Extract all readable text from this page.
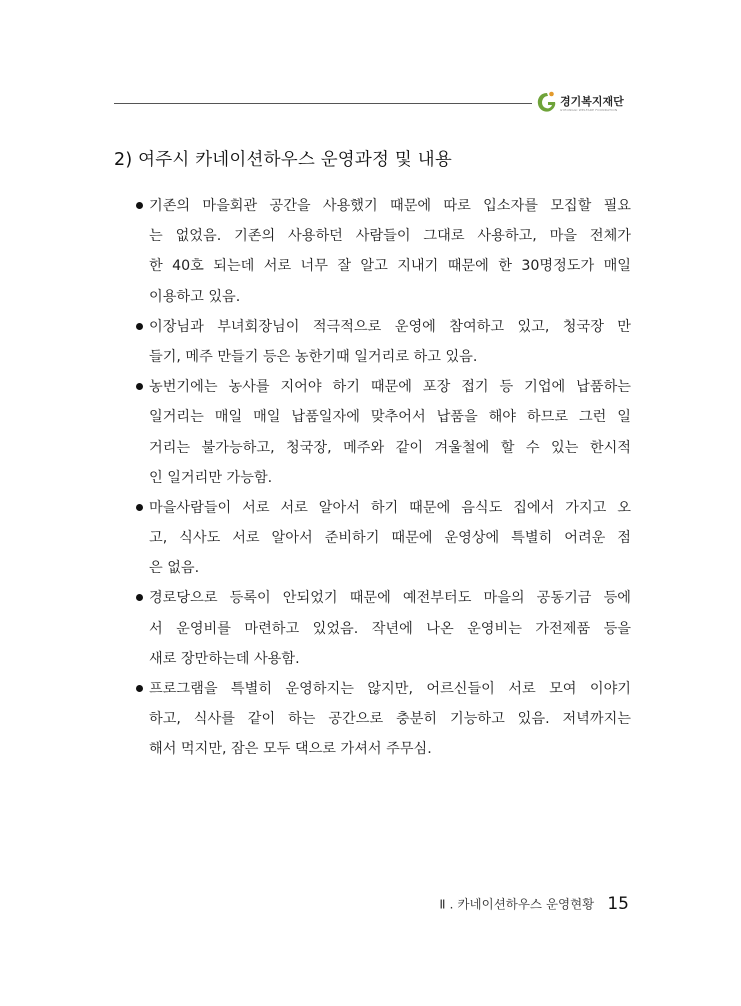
경기복지재단
GYEONGGI WELFARE FOUNDATION
2) 여주시 카네이션하우스 운영과정 및 내용
기존의 마을회관 공간을 사용했기 때문에 따로 입소자를 모집할 필요
는 없었음. 기존의 사용하던 사람들이 그대로 사용하고, 마을 전체가
한 40호 되는데 서로 너무 잘 알고 지내기 때문에 한 30명정도가 매일
이용하고 있음.
이장님과 부녀회장님이 적극적으로 운영에 참여하고 있고, 청국장 만
들기, 메주 만들기 등은 농한기때 일거리로 하고 있음.
농번기에는 농사를 지어야 하기 때문에 포장 접기 등 기업에 납품하는
일거리는 매일 매일 납품일자에 맞추어서 납품을 해야 하므로 그런 일
거리는 불가능하고, 청국장, 메주와 같이 겨울철에 할 수 있는 한시적
인 일거리만 가능함.
마을사람들이 서로 서로 알아서 하기 때문에 음식도 집에서 가지고 오
고, 식사도 서로 알아서 준비하기 때문에 운영상에 특별히 어려운 점
은 없음.
경로당으로 등록이 안되었기 때문에 예전부터도 마을의 공동기금 등에
서 운영비를 마련하고 있었음. 작년에 나온 운영비는 가전제품 등을
새로 장만하는데 사용함.
프로그램을 특별히 운영하지는 않지만, 어르신들이 서로 모여 이야기
하고, 식사를 같이 하는 공간으로 충분히 기능하고 있음. 저녁까지는
해서 먹지만, 잠은 모두 댁으로 가셔서 주무심.
Ⅱ . 카네이션하우스 운영현황 15
